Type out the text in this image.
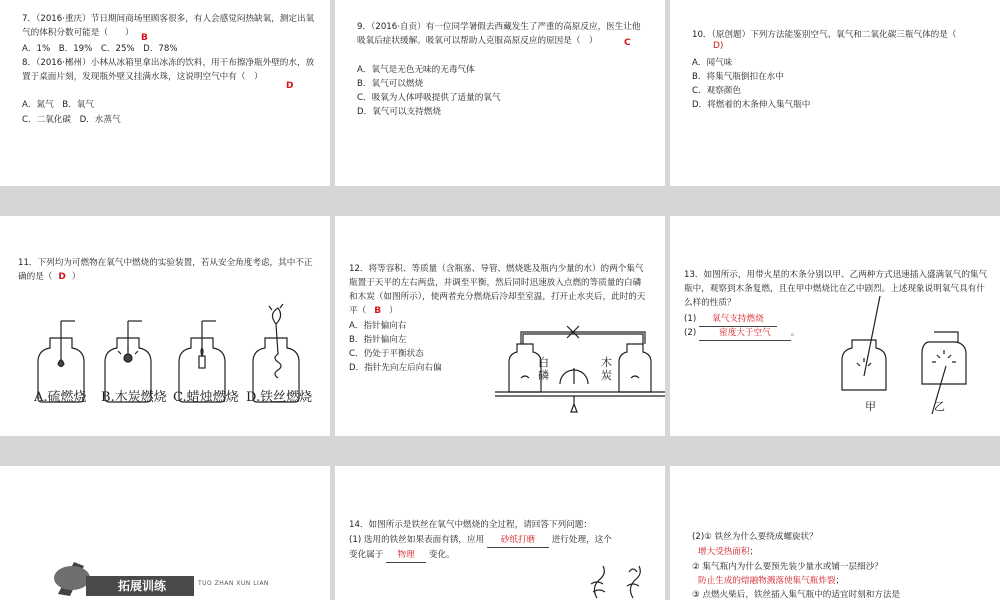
7．（2016·重庆）节日期间商场里顾客很多，有人会感觉闷热缺氧，测定出氧气的体积分数可能是（　　） B
A．1%　B．19%　C．25%　D．78%
8．（2016·郴州）小林从冰箱里拿出冰冻的饮料，用干布擦净瓶外壁的水，放置于桌面片刻，发现瓶外壁又挂满水珠，这说明空气中有（　）
D
A．氮气　B．氧气
C．二氧化碳　D．水蒸气
9．（2016·自贡）有一位同学暑假去西藏发生了严重的高原反应，医生让他吸氧后症状缓解。吸氧可以帮助人克服高原反应的原因是（　）	C
A．氧气是无色无味的无毒气体
B．氧气可以燃烧
C．吸氧为人体呼吸提供了适量的氧气
D．氧气可以支持燃烧
10．（原创题）下列方法能鉴别空气、氧气和二氧化碳三瓶气体的是（
D)
A．闻气味
B．将集气瓶倒扣在水中
C．观察颜色
D．将燃着的木条伸入集气瓶中
11．下列均为可燃物在氧气中燃烧的实验装置，若从安全角度考虑，其中不正确的是（ D ）
A.硫燃烧 B.木炭燃烧 C.蜡烛燃烧 D.铁丝燃烧
12．将等容积、等质量（含瓶塞、导管、燃烧匙及瓶内少量的水）的两个集气瓶置于天平的左右两盘，并调至平衡，然后同时迅速放入点燃的等质量的白磷和木炭（如图所示），使两者充分燃烧后冷却至室温，打开止水夹后，此时的天平（ B ）
A．指针偏向右
B．指针偏向左
C．仍处于平衡状态
D．指针先向左后向右偏	白磷
木炭
13．如图所示，用带火星的木条分别以甲、乙两种方式迅速插入盛满氧气的集气瓶中，观察到木条复燃，且在甲中燃烧比在乙中剧烈。上述现象说明氧气具有什么样的性质？
(1) 氧气支持燃烧
(2)	密度大于空气 。
甲	乙
拓展训练	TUO ZHAN XUN LIAN
14．如图所示是铁丝在氧气中燃烧的全过程，请回答下列问题：
(1) 选用的铁丝如果表面有锈，应用 砂纸打磨 进行处理，这个
变化属于 物理 变化。
(2)① 铁丝为什么要绕成螺旋状？
增大受热面积；
② 集气瓶内为什么要预先装少量水或铺一层细沙？
防止生成的熔融物溅落使集气瓶炸裂；
③ 点燃火柴后，铁丝插入集气瓶中的适宜时刻和方法是
